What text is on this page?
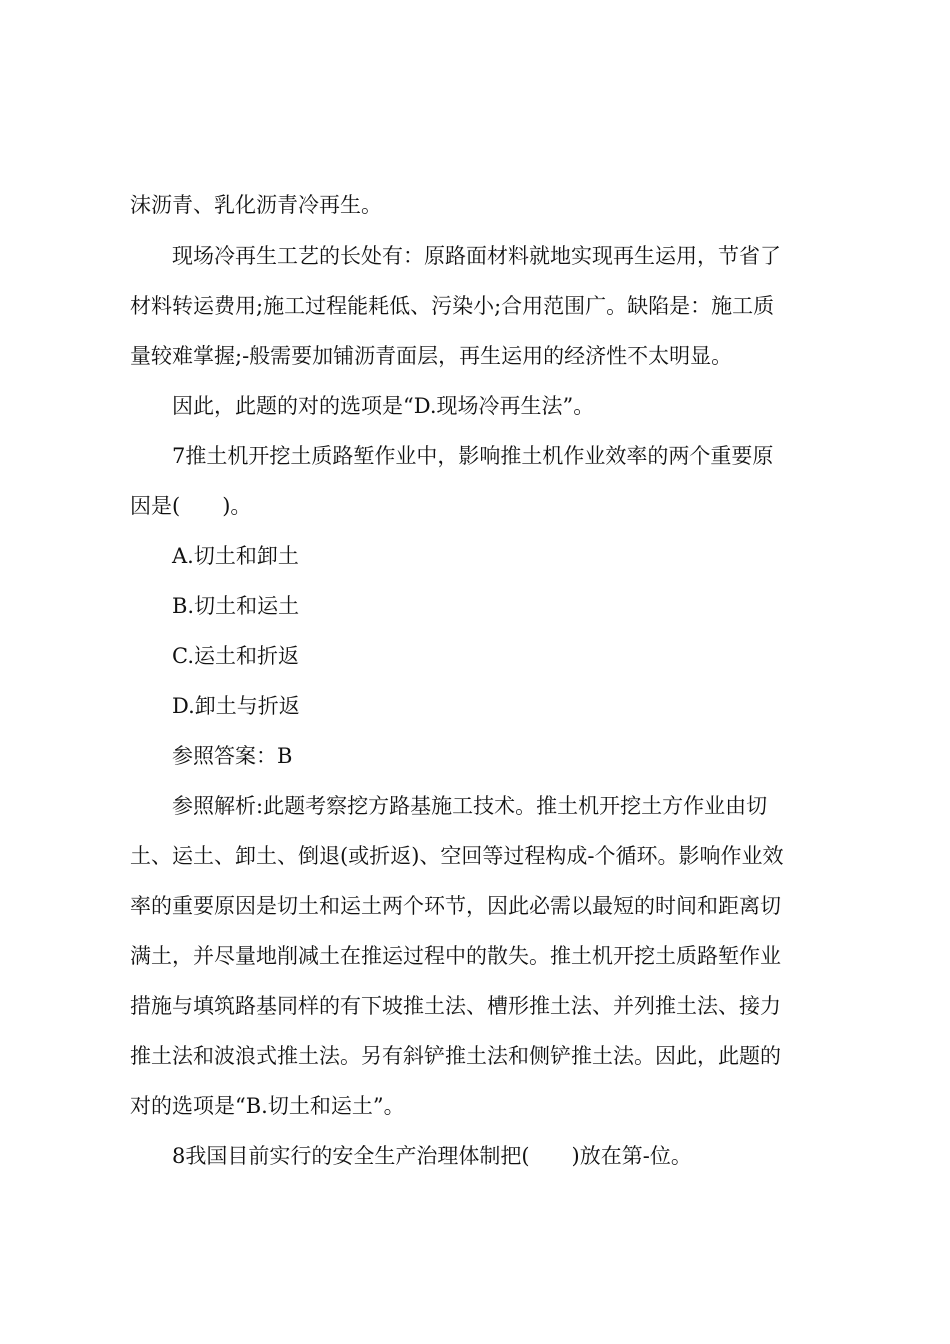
沫沥青、乳化沥青冷再生。
现场冷再生工艺的长处有：原路面材料就地实现再生运用，节省了
材料转运费用;施工过程能耗低、污染小;合用范围广。缺陷是：施工质
量较难掌握;-般需要加铺沥青面层，再生运用的经济性不太明显。
因此，此题的对的选项是“D.现场冷再生法”。
7推土机开挖土质路堑作业中，影响推土机作业效率的两个重要原
因是(　　)。
A.切土和卸土
B.切土和运土
C.运土和折返
D.卸土与折返
参照答案：B
参照解析:此题考察挖方路基施工技术。推土机开挖土方作业由切
土、运土、卸土、倒退(或折返)、空回等过程构成-个循环。影响作业效
率的重要原因是切土和运土两个环节，因此必需以最短的时间和距离切
满土，并尽量地削减土在推运过程中的散失。推土机开挖土质路堑作业
措施与填筑路基同样的有下坡推土法、槽形推土法、并列推土法、接力
推土法和波浪式推土法。另有斜铲推土法和侧铲推土法。因此，此题的
对的选项是“B.切土和运土”。
8我国目前实行的安全生产治理体制把(　　)放在第-位。
